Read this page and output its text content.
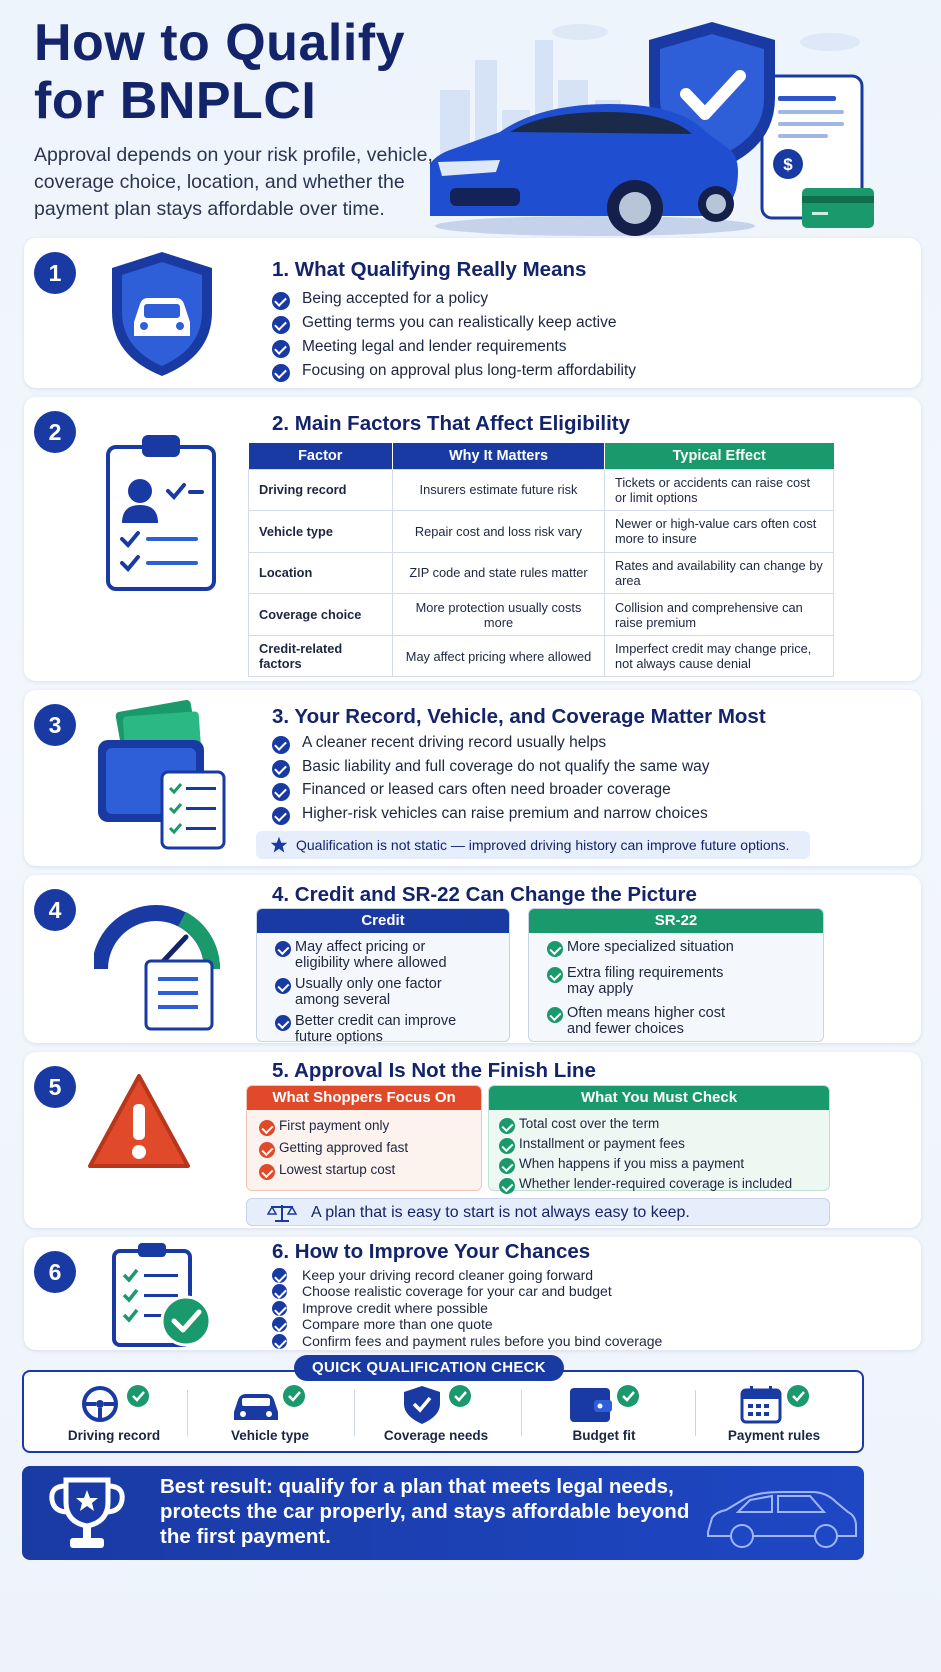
$
How to Qualify
for BNPLCI
Approval depends on your risk profile, vehicle, coverage choice, location, and whether the payment plan stays affordable over time.
1	1. What Qualifying Really Means
Being accepted for a policy
Getting terms you can realistically keep active
Meeting legal and lender requirements
Focusing on approval plus long-term affordability
2	2. Main Factors That Affect Eligibility
Factor	Why It Matters	Typical Effect
Driving record	Insurers estimate future risk	Tickets or accidents can raise cost or limit options
Vehicle type	Repair cost and loss risk vary	Newer or high-value cars often cost more to insure
Location	ZIP code and state rules matter	Rates and availability can change by area
Coverage choice	More protection usually costs more	Collision and comprehensive can raise premium
Credit-related factors	May affect pricing where allowed	Imperfect credit may change price, not always cause denial
3	3. Your Record, Vehicle, and Coverage Matter Most
A cleaner recent driving record usually helps
Basic liability and full coverage do not qualify the same way
Financed or leased cars often need broader coverage
Higher-risk vehicles can raise premium and narrow choices
Qualification is not static — improved driving history can improve future options.
4
4. Credit and SR-22 Can Change the Picture
Credit
May affect pricing or eligibility where allowed
Usually only one factor among several
Better credit can improve future options
SR-22
More specialized situation
Extra filing requirements may apply
Often means higher cost and fewer choices
5
5. Approval Is Not the Finish Line
What Shoppers Focus On
First payment only
Getting approved fast
Lowest startup cost
What You Must Check
Total cost over the term
Installment or payment fees
When happens if you miss a payment
Whether lender-required coverage is included
A plan that is easy to start is not always easy to keep.
6
6. How to Improve Your Chances
Keep your driving record cleaner going forward
Choose realistic coverage for your car and budget
Improve credit where possible
Compare more than one quote
Confirm fees and payment rules before you bind coverage
Driving record	Vehicle type	Coverage needs	Budget fit	Payment rules
QUICK QUALIFICATION CHECK
Best result: qualify for a plan that meets legal needs, protects the car properly, and stays affordable beyond the first payment.
